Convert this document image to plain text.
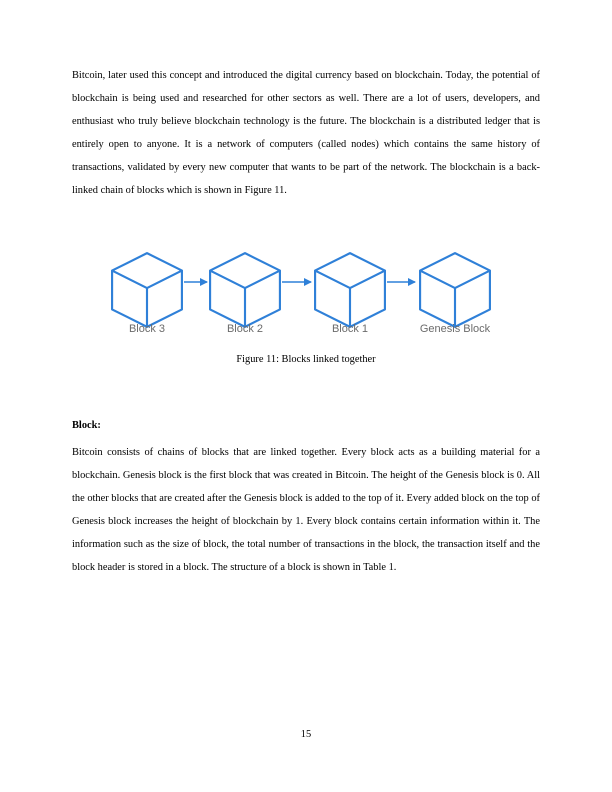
Bitcoin, later used this concept and introduced the digital currency based on blockchain. Today, the potential of blockchain is being used and researched for other sectors as well. There are a lot of users, developers, and enthusiast who truly believe blockchain technology is the future. The blockchain is a distributed ledger that is entirely open to anyone. It is a network of computers (called nodes) which contains the same history of transactions, validated by every new computer that wants to be part of the network. The blockchain is a back-linked chain of blocks which is shown in Figure 11.

Block 3	Block 2	Block 1	Genesis Block

Figure 11: Blocks linked together

Block:

Bitcoin consists of chains of blocks that are linked together. Every block acts as a building material for a blockchain. Genesis block is the first block that was created in Bitcoin. The height of the Genesis block is 0. All the other blocks that are created after the Genesis block is added to the top of it. Every added block on the top of Genesis block increases the height of blockchain by 1. Every block contains certain information within it. The information such as the size of block, the total number of transactions in the block, the transaction itself and the block header is stored in a block. The structure of a block is shown in Table 1.

15
